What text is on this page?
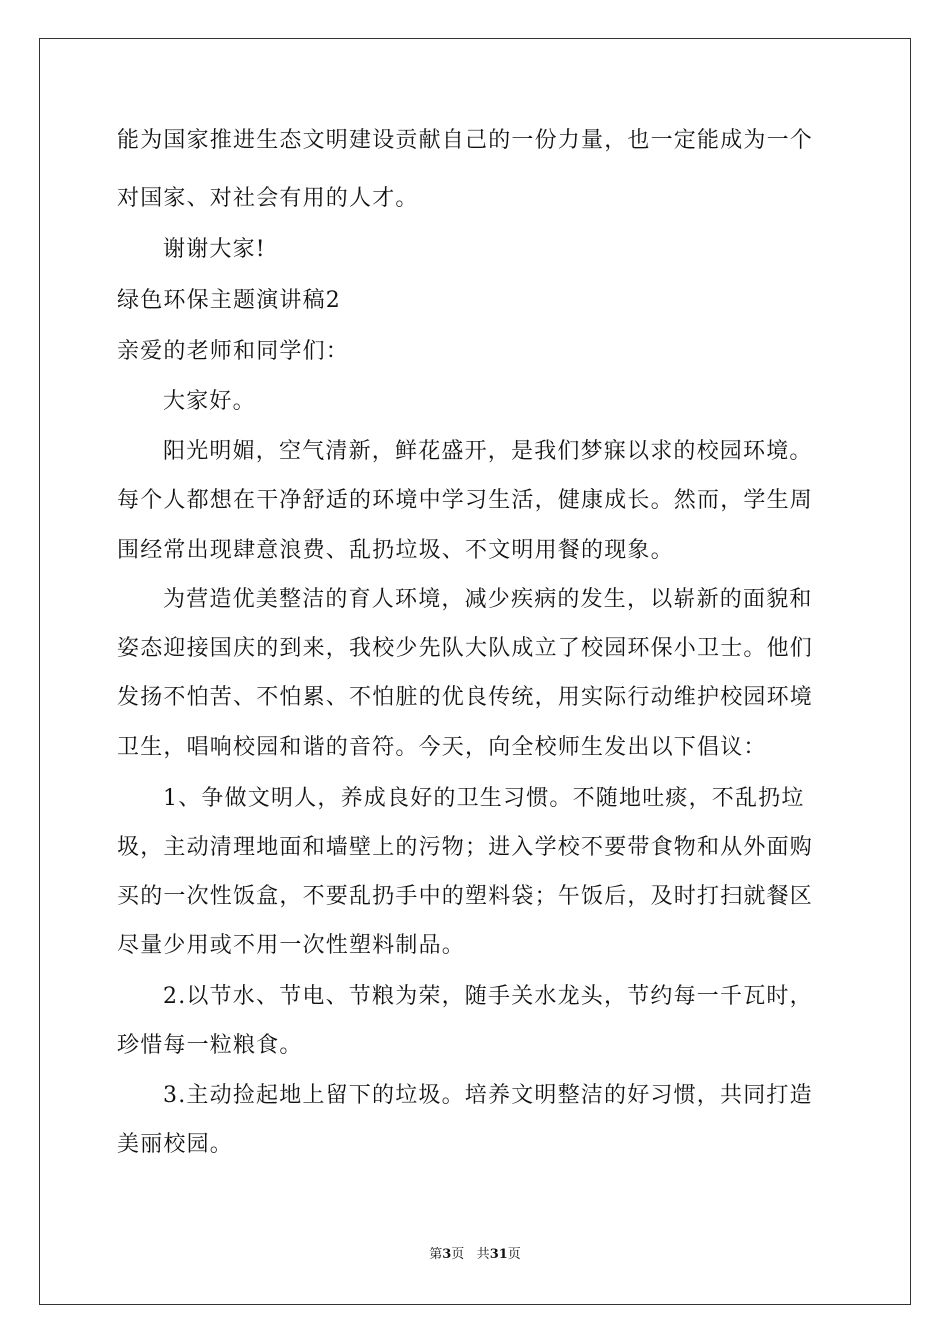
能为国家推进生态文明建设贡献自己的一份力量，也一定能成为一个
对国家、对社会有用的人才。
谢谢大家!
绿色环保主题演讲稿2
亲爱的老师和同学们：
大家好。
阳光明媚，空气清新，鲜花盛开，是我们梦寐以求的校园环境。
每个人都想在干净舒适的环境中学习生活，健康成长。然而，学生周
围经常出现肆意浪费、乱扔垃圾、不文明用餐的现象。
为营造优美整洁的育人环境，减少疾病的发生，以崭新的面貌和
姿态迎接国庆的到来，我校少先队大队成立了校园环保小卫士。他们
发扬不怕苦、不怕累、不怕脏的优良传统，用实际行动维护校园环境
卫生，唱响校园和谐的音符。今天，向全校师生发出以下倡议：
1、争做文明人，养成良好的卫生习惯。不随地吐痰，不乱扔垃
圾，主动清理地面和墙壁上的污物；进入学校不要带食物和从外面购
买的一次性饭盒，不要乱扔手中的塑料袋；午饭后，及时打扫就餐区
尽量少用或不用一次性塑料制品。
2.以节水、节电、节粮为荣，随手关水龙头，节约每一千瓦时，
珍惜每一粒粮食。
3.主动捡起地上留下的垃圾。培养文明整洁的好习惯，共同打造
美丽校园。
第3页 共31页
